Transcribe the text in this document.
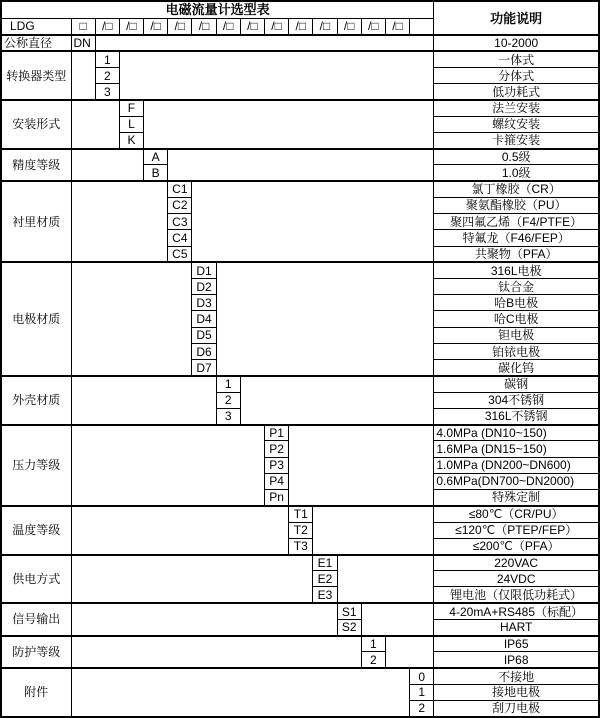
电磁流量计选型表																功能说明
LDG	□	/□	/□	/□	/□	/□	/□	/□	/□	/□	/□	/□	/□	/□		
公称直径	DN															10-2000
转换器类型		1														一体式
		2														分体式
		3														低功耗式
安装形式			F													法兰安装
			L													螺纹安装
			K													卡箍安装
精度等级				A												0.5级
				B												1.0级
衬里材质					C1											氯丁橡胶（CR）
					C2											聚氨酯橡胶（PU）
					C3											聚四氟乙烯（F4/PTFE）
					C4											特氟龙（F46/FEP）
					C5											共聚物（PFA）
电极材质						D1										316L电极
						D2										钛合金
						D3										哈B电极
						D4										哈C电极
						D5										钽电极
						D6										铂铱电极
						D7										碳化钨
外壳材质							1									碳钢
							2									304不锈钢
							3									316L不锈钢
压力等级									P1							4.0MPa (DN10~150)
									P2							1.6MPa (DN15~150)
									P3							1.0MPa (DN200~DN600)
									P4							0.6MPa(DN700~DN2000)
									Pn							特殊定制
温度等级										T1						≤80℃（CR/PU）
										T2						≤120℃（PTEP/FEP）
										T3						≤200℃（PFA）
供电方式											E1					220VAC
											E2					24VDC
											E3					锂电池（仅限低功耗式）
信号输出												S1				4-20mA+RS485（标配）
												S2				HART
防护等级													1			IP65
													2			IP68
附件															0	不接地
															1	接地电极
															2	刮刀电极
